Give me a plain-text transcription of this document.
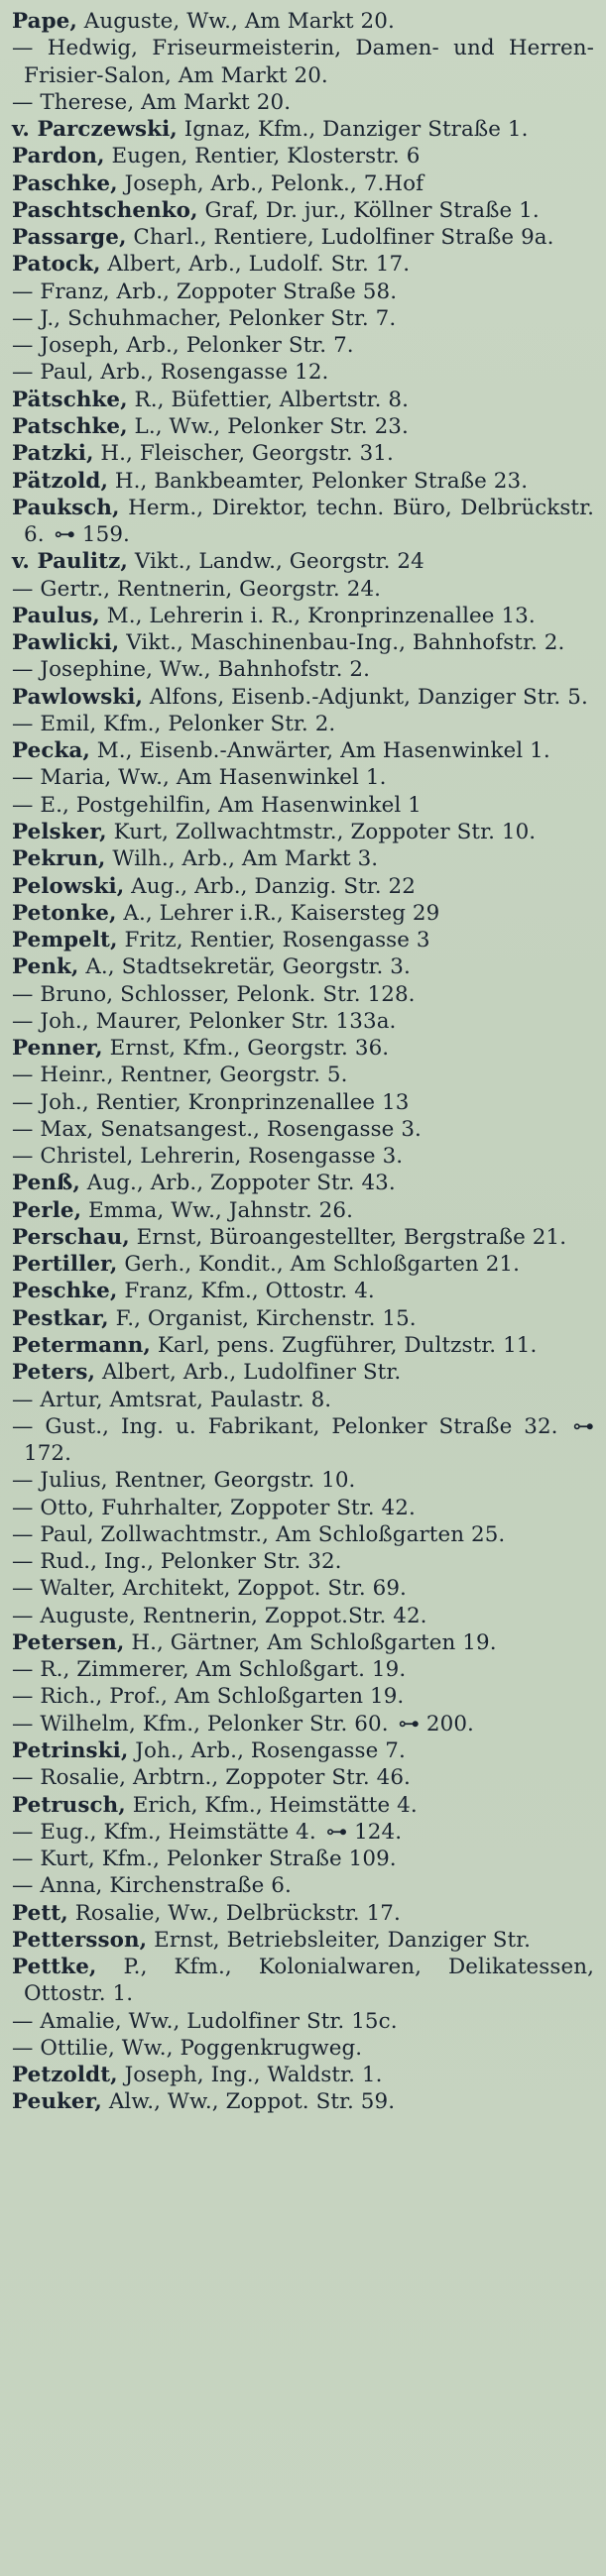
Pape, Auguste, Ww., Am Markt 20.
— Hedwig, Friseurmeisterin, Damen- und Herren-Frisier-Salon, Am Markt 20.
— Therese, Am Markt 20.
v. Parczewski, Ignaz, Kfm., Danziger Straße 1.
Pardon, Eugen, Rentier, Klosterstr. 6
Paschke, Joseph, Arb., Pelonk., 7.Hof
Paschtschenko, Graf, Dr. jur., Köllner Straße 1.
Passarge, Charl., Rentiere, Ludolfiner Straße 9a.
Patock, Albert, Arb., Ludolf. Str. 17.
— Franz, Arb., Zoppoter Straße 58.
— J., Schuhmacher, Pelonker Str. 7.
— Joseph, Arb., Pelonker Str. 7.
— Paul, Arb., Rosengasse 12.
Pätschke, R., Büfettier, Albertstr. 8.
Patschke, L., Ww., Pelonker Str. 23.
Patzki, H., Fleischer, Georgstr. 31.
Pätzold, H., Bankbeamter, Pelonker Straße 23.
Pauksch, Herm., Direktor, techn. Büro, Delbrückstr. 6. ⊶ 159.
v. Paulitz, Vikt., Landw., Georgstr. 24
— Gertr., Rentnerin, Georgstr. 24.
Paulus, M., Lehrerin i. R., Kronprinzenallee 13.
Pawlicki, Vikt., Maschinenbau-Ing., Bahnhofstr. 2.
— Josephine, Ww., Bahnhofstr. 2.
Pawlowski, Alfons, Eisenb.-Adjunkt, Danziger Str. 5.
— Emil, Kfm., Pelonker Str. 2.
Pecka, M., Eisenb.-Anwärter, Am Hasenwinkel 1.
— Maria, Ww., Am Hasenwinkel 1.
— E., Postgehilfin, Am Hasenwinkel 1
Pelsker, Kurt, Zollwachtmstr., Zoppoter Str. 10.
Pekrun, Wilh., Arb., Am Markt 3.
Pelowski, Aug., Arb., Danzig. Str. 22
Petonke, A., Lehrer i.R., Kaisersteg 29
Pempelt, Fritz, Rentier, Rosengasse 3
Penk, A., Stadtsekretär, Georgstr. 3.
— Bruno, Schlosser, Pelonk. Str. 128.
— Joh., Maurer, Pelonker Str. 133a.
Penner, Ernst, Kfm., Georgstr. 36.
— Heinr., Rentner, Georgstr. 5.
— Joh., Rentier, Kronprinzenallee 13
— Max, Senatsangest., Rosengasse 3.
— Christel, Lehrerin, Rosengasse 3.
Penß, Aug., Arb., Zoppoter Str. 43.
Perle, Emma, Ww., Jahnstr. 26.
Perschau, Ernst, Büroangestellter, Bergstraße 21.
Pertiller, Gerh., Kondit., Am Schloßgarten 21.
Peschke, Franz, Kfm., Ottostr. 4.
Pestkar, F., Organist, Kirchenstr. 15.
Petermann, Karl, pens. Zugführer, Dultzstr. 11.
Peters, Albert, Arb., Ludolfiner Str.
— Artur, Amtsrat, Paulastr. 8.
— Gust., Ing. u. Fabrikant, Pelonker Straße 32. ⊶ 172.
— Julius, Rentner, Georgstr. 10.
— Otto, Fuhrhalter, Zoppoter Str. 42.
— Paul, Zollwachtmstr., Am Schloßgarten 25.
— Rud., Ing., Pelonker Str. 32.
— Walter, Architekt, Zoppot. Str. 69.
— Auguste, Rentnerin, Zoppot.Str. 42.
Petersen, H., Gärtner, Am Schloßgarten 19.
— R., Zimmerer, Am Schloßgart. 19.
— Rich., Prof., Am Schloßgarten 19.
— Wilhelm, Kfm., Pelonker Str. 60. ⊶ 200.
Petrinski, Joh., Arb., Rosengasse 7.
— Rosalie, Arbtrn., Zoppoter Str. 46.
Petrusch, Erich, Kfm., Heimstätte 4.
— Eug., Kfm., Heimstätte 4. ⊶ 124.
— Kurt, Kfm., Pelonker Straße 109.
— Anna, Kirchenstraße 6.
Pett, Rosalie, Ww., Delbrückstr. 17.
Pettersson, Ernst, Betriebsleiter, Danziger Str.
Pettke, P., Kfm., Kolonialwaren, Delikatessen, Ottostr. 1.
— Amalie, Ww., Ludolfiner Str. 15c.
— Ottilie, Ww., Poggenkrugweg.
Petzoldt, Joseph, Ing., Waldstr. 1.
Peuker, Alw., Ww., Zoppot. Str. 59.
